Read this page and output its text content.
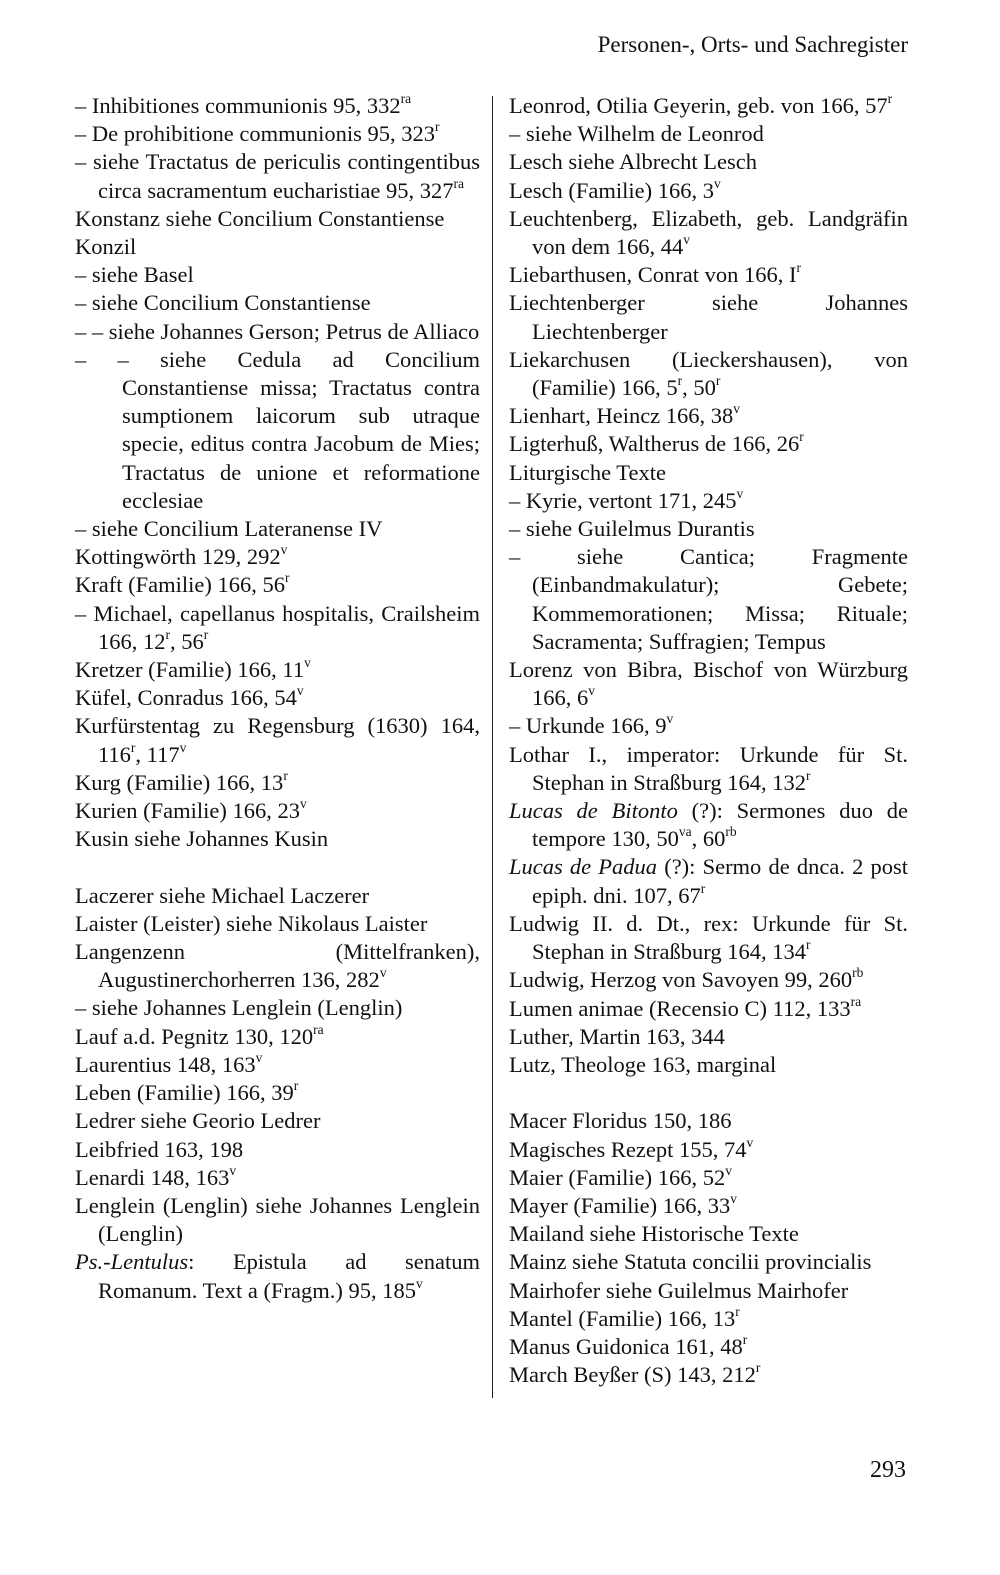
Personen-, Orts- und Sachregister
– Inhibitiones communionis 95, $332^{ra}$
– De prohibitione communionis 95, 323$^r$
– siehe Tractatus de periculis contingentibus circa sacramentum eucharistiae 95, $327^{ra}$
Konstanz siehe Concilium Constantiense
Konzil
– siehe Basel
– siehe Concilium Constantiense
– – siehe Johannes Gerson; Petrus de Alliaco
– – siehe Cedula ad Concilium Constantiense missa; Tractatus contra sumptionem laicorum sub utraque specie, editus contra Jacobum de Mies; Tractatus de unione et reformatione ecclesiae
– siehe Concilium Lateranense IV
Kottingwörth 129, 292$^v$
Kraft (Familie) 166, 56$^r$
– Michael, capellanus hospitalis, Crailsheim 166, 12$^r$, 56$^r$
Kretzer (Familie) 166, 11$^v$
Küfel, Conradus 166, 54$^v$
Kurfürstentag zu Regensburg (1630) 164, 116$^r$, 117$^v$
Kurg (Familie) 166, 13$^r$
Kurien (Familie) 166, 23$^v$
Kusin siehe Johannes Kusin
Laczerer siehe Michael Laczerer
Laister (Leister) siehe Nikolaus Laister
Langenzenn (Mittelfranken), Augustinerchorherren 136, 282$^v$
– siehe Johannes Lenglein (Lenglin)
Lauf a.d. Pegnitz 130, $120^{ra}$
Laurentius 148, 163$^v$
Leben (Familie) 166, 39$^r$
Ledrer siehe Georio Ledrer
Leibfried 163, 198
Lenardi 148, 163$^v$
Lenglein (Lenglin) siehe Johannes Lenglein (Lenglin)
Ps.-Lentulus: Epistula ad senatum Romanum. Text a (Fragm.) 95, 185$^v$
Leonrod, Otilia Geyerin, geb. von 166, 57$^r$
– siehe Wilhelm de Leonrod
Lesch siehe Albrecht Lesch
Lesch (Familie) 166, 3$^v$
Leuchtenberg, Elizabeth, geb. Landgräfin von dem 166, 44$^v$
Liebarthusen, Conrat von 166, $I^r$
Liechtenberger siehe Johannes Liechtenberger
Liekarchusen (Lieckershausen), von (Familie) 166, 5$^r$, 50$^r$
Lienhart, Heincz 166, 38$^v$
Ligterhuß, Waltherus de 166, 26$^r$
Liturgische Texte
– Kyrie, vertont 171, 245$^v$
– siehe Guilelmus Durantis
– siehe Cantica; Fragmente (Einbandmakulatur); Gebete; Kommemorationen; Missa; Rituale; Sacramenta; Suffragien; Tempus
Lorenz von Bibra, Bischof von Würzburg 166, 6$^v$
– Urkunde 166, 9$^v$
Lothar I., imperator: Urkunde für St. Stephan in Straßburg 164, 132$^r$
Lucas de Bitonto (?): Sermones duo de tempore 130, $50^{va}$, $60^{rb}$
Lucas de Padua (?): Sermo de dnca. 2 post epiph. dni. 107, 67$^r$
Ludwig II. d. Dt., rex: Urkunde für St. Stephan in Straßburg 164, 134$^r$
Ludwig, Herzog von Savoyen 99, $260^{rb}$
Lumen animae (Recensio C) 112, $133^{ra}$
Luther, Martin 163, 344
Lutz, Theologe 163, marginal
Macer Floridus 150, 186
Magisches Rezept 155, 74$^v$
Maier (Familie) 166, 52$^v$
Mayer (Familie) 166, 33$^v$
Mailand siehe Historische Texte
Mainz siehe Statuta concilii provincialis
Mairhofer siehe Guilelmus Mairhofer
Mantel (Familie) 166, 13$^r$
Manus Guidonica 161, 48$^r$
March Beyßer (S) 143, 212$^r$
293
